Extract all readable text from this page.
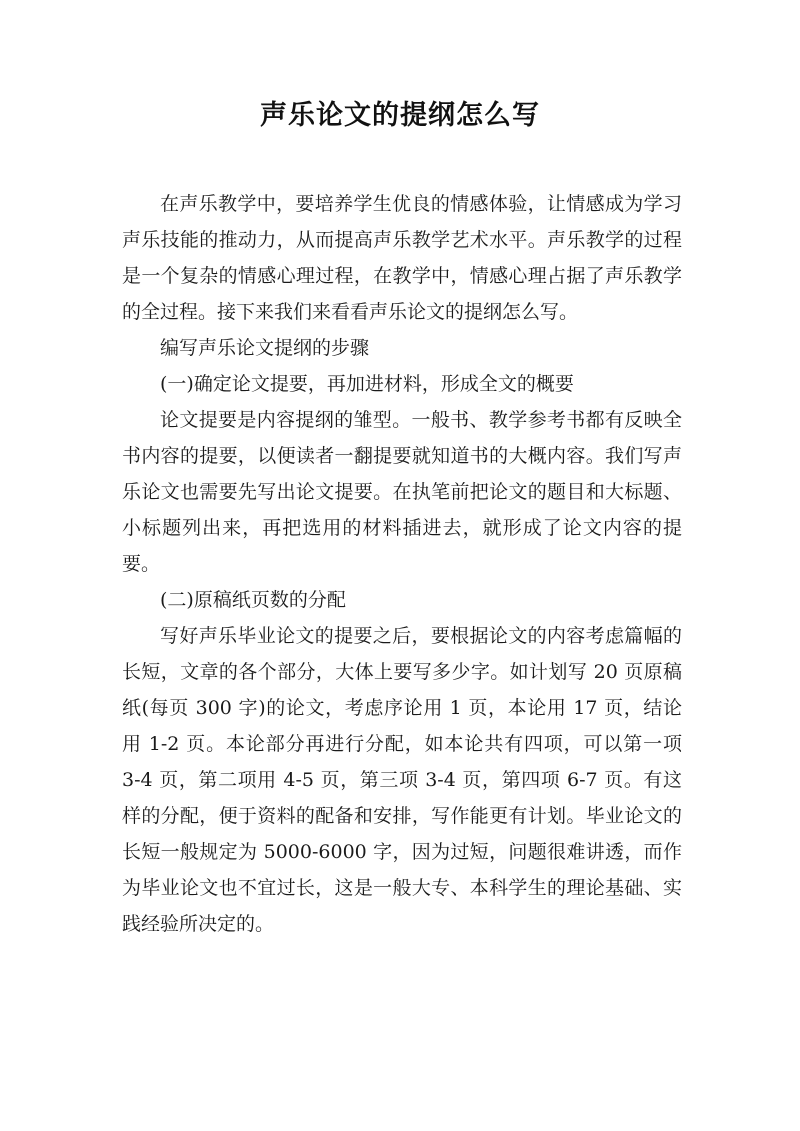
声乐论文的提纲怎么写

在声乐教学中，要培养学生优良的情感体验，让情感成为学习声乐技能的推动力，从而提高声乐教学艺术水平。声乐教学的过程是一个复杂的情感心理过程，在教学中，情感心理占据了声乐教学的全过程。接下来我们来看看声乐论文的提纲怎么写。

编写声乐论文提纲的步骤

(一)确定论文提要，再加进材料，形成全文的概要

论文提要是内容提纲的雏型。一般书、教学参考书都有反映全书内容的提要，以便读者一翻提要就知道书的大概内容。我们写声乐论文也需要先写出论文提要。在执笔前把论文的题目和大标题、小标题列出来，再把选用的材料插进去，就形成了论文内容的提要。

(二)原稿纸页数的分配

写好声乐毕业论文的提要之后，要根据论文的内容考虑篇幅的长短，文章的各个部分，大体上要写多少字。如计划写 20 页原稿纸(每页 300 字)的论文，考虑序论用 1 页，本论用 17 页，结论用 1-2 页。本论部分再进行分配，如本论共有四项，可以第一项 3-4 页，第二项用 4-5 页，第三项 3-4 页，第四项 6-7 页。有这样的分配，便于资料的配备和安排，写作能更有计划。毕业论文的长短一般规定为 5000-6000 字，因为过短，问题很难讲透，而作为毕业论文也不宜过长，这是一般大专、本科学生的理论基础、实践经验所决定的。
